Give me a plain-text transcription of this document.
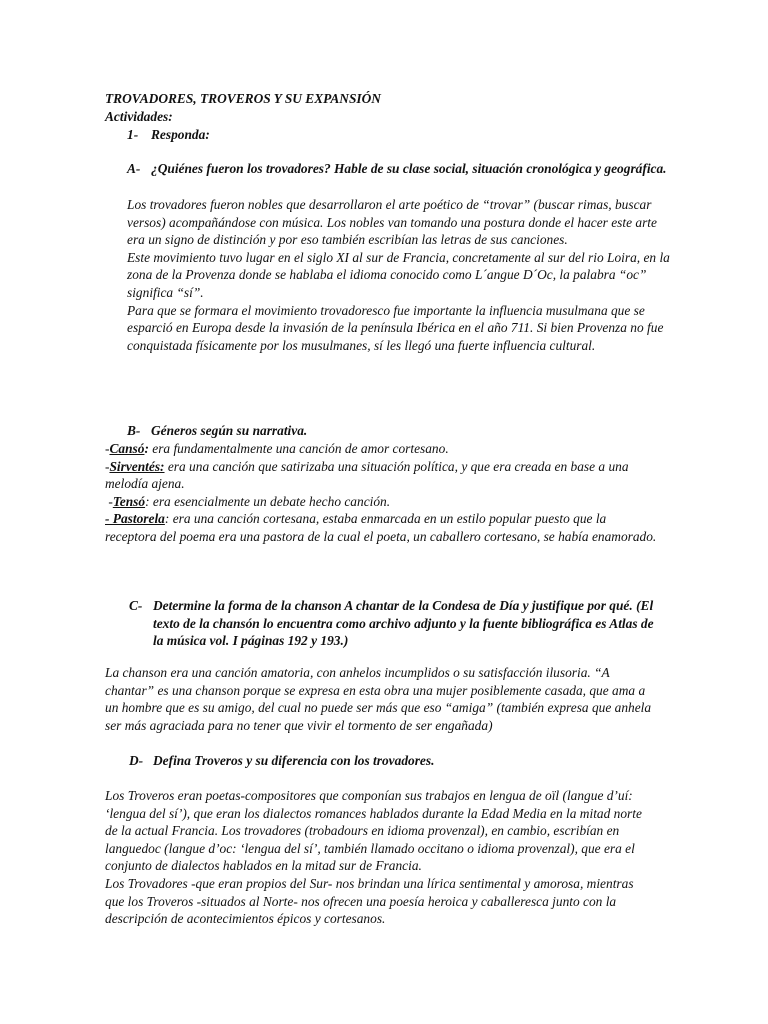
TROVADORES, TROVEROS Y SU EXPANSIÓN
Actividades:
1- Responda:
A- ¿Quiénes fueron los trovadores? Hable de su clase social, situación cronológica y geográfica.

Los trovadores fueron nobles que desarrollaron el arte poético de “trovar” (buscar rimas, buscar versos) acompañándose con música. Los nobles van tomando una postura donde el hacer este arte era un signo de distinción y por eso también escribían las letras de sus canciones.

Este movimiento tuvo lugar en el siglo XI al sur de Francia, concretamente al sur del rio Loira, en la zona de la Provenza donde se hablaba el idioma conocido como L´angue D´Oc, la palabra “oc” significa “sí”.

Para que se formara el movimiento trovadoresco fue importante la influencia musulmana que se esparció en Europa desde la invasión de la península Ibérica en el año 711. Si bien Provenza no fue conquistada físicamente por los musulmanes, sí les llegó una fuerte influencia cultural.

B- Géneros según su narrativa.

-Cansó: era fundamentalmente una canción de amor cortesano.

-Sirventés: era una canción que satirizaba una situación política, y que era creada en base a una melodía ajena.

-Tensó: era esencialmente un debate hecho canción.

- Pastorela: era una canción cortesana, estaba enmarcada en un estilo popular puesto que la receptora del poema era una pastora de la cual el poeta, un caballero cortesano, se había enamorado.

C- Determine la forma de la chanson A chantar de la Condesa de Día y justifique por qué. (El texto de la chansón lo encuentra como archivo adjunto y la fuente bibliográfica es Atlas de la música vol. I páginas 192 y 193.)

La chanson era una canción amatoria, con anhelos incumplidos o su satisfacción ilusoria. “A chantar” es una chanson porque se expresa en esta obra una mujer posiblemente casada, que ama a un hombre que es su amigo, del cual no puede ser más que eso “amiga” (también expresa que anhela ser más agraciada para no tener que vivir el tormento de ser engañada)

D- Defina Troveros y su diferencia con los trovadores.

Los Troveros eran poetas-compositores que componían sus trabajos en lengua de oïl (langue d’uí: ‘lengua del sí’), que eran los dialectos romances hablados durante la Edad Media en la mitad norte de la actual Francia. Los trovadores (trobadours en idioma provenzal), en cambio, escribían en languedoc (langue d’oc: ‘lengua del sí’, también llamado occitano o idioma provenzal), que era el conjunto de dialectos hablados en la mitad sur de Francia.

Los Trovadores -que eran propios del Sur- nos brindan una lírica sentimental y amorosa, mientras que los Troveros -situados al Norte- nos ofrecen una poesía heroica y caballeresca junto con la descripción de acontecimientos épicos y cortesanos.
